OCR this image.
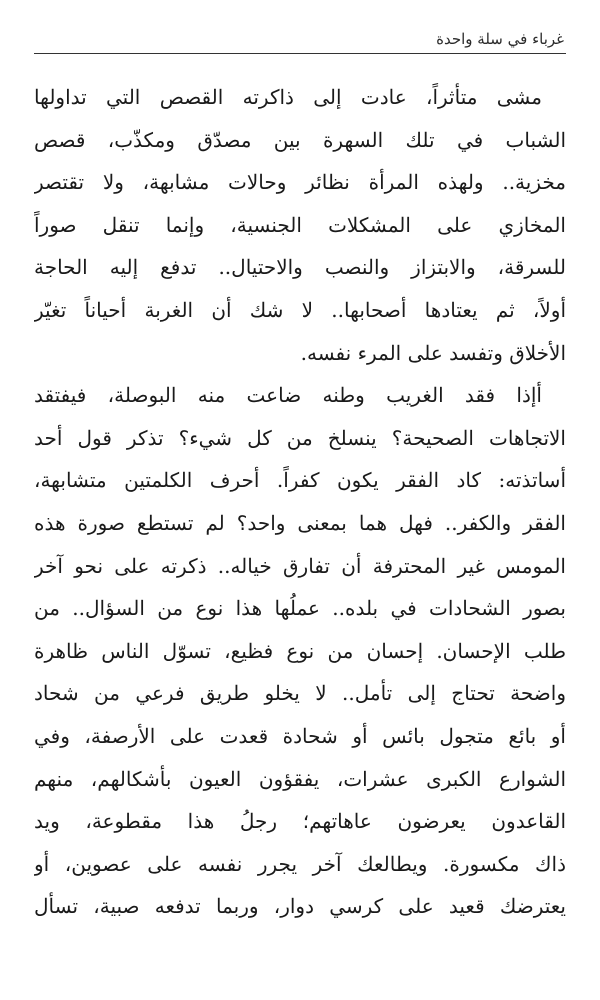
غرباء في سلة واحدة

مشى متأثراً، عادت إلى ذاكرته القصص التي تداولها
الشباب في تلك السهرة بين مصدّق ومكذّب، قصص
مخزية.. ولهذه المرأة نظائر وحالات مشابهة، ولا تقتصر
المخازي على المشكلات الجنسية، وإنما تنقل صوراً
للسرقة، والابتزاز والنصب والاحتيال.. تدفع إليه الحاجة
أولاً، ثم يعتادها أصحابها.. لا شك أن الغربة أحياناً تغيّر
الأخلاق وتفسد على المرء نفسه.

أإذا فقد الغريب وطنه ضاعت منه البوصلة، فيفتقد
الاتجاهات الصحيحة؟ ينسلخ من كل شيء؟ تذكر قول أحد
أساتذته: كاد الفقر يكون كفراً. أحرف الكلمتين متشابهة،
الفقر والكفر.. فهل هما بمعنى واحد؟ لم تستطع صورة هذه
المومس غير المحترفة أن تفارق خياله.. ذكرته على نحو آخر
بصور الشحادات في بلده.. عملُها هذا نوع من السؤال.. من
طلب الإحسان. إحسان من نوع فظيع، تسوّل الناس ظاهرة
واضحة تحتاج إلى تأمل.. لا يخلو طريق فرعي من شحاد
أو بائع متجول بائس أو شحادة قعدت على الأرصفة، وفي
الشوارع الكبرى عشرات، يفقؤون العيون بأشكالهم، منهم
القاعدون يعرضون عاهاتهم؛ رجلُ هذا مقطوعة، ويد
ذاك مكسورة. ويطالعك آخر يجرر نفسه على عصوين، أو
يعترضك قعيد على كرسي دوار، وربما تدفعه صبية، تسأل
